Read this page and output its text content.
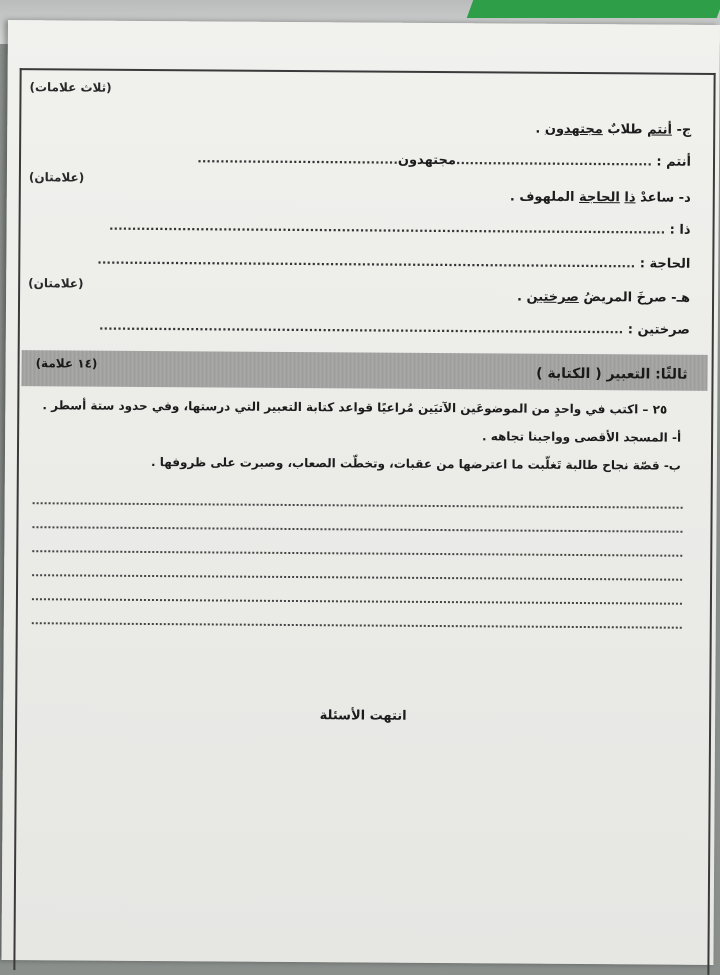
(ثلاث علامات)
ج- أنتم طلابٌ مجتهدون .
أنتم : ...........................................مجتهدون............................................
(علامتان)
د- ساعدْ ذا الحاجة الملهوف .
ذا : ..........................................................................................................................
الحاجة : ......................................................................................................................
(علامتان)
هـ- صرخَ المريضُ صرختين .
صرختين : ...................................................................................................................
ثالثًا: التعبير ( الكتابة )
(١٤ علامة)
٢٥ – اكتب في واحدٍ من الموضوعَين الآتيَين مُراعيًا قواعد كتابة التعبير التي درستها، وفي حدود ستة أسطر .
أ- المسجد الأقصى وواجبنا تجاهه .
ب- قصّة نجاح طالبة تَغلّبت ما اعترضها من عقبات، وتخطّت الصعاب، وصبرت على ظروفها .
انتهت الأسئلة
